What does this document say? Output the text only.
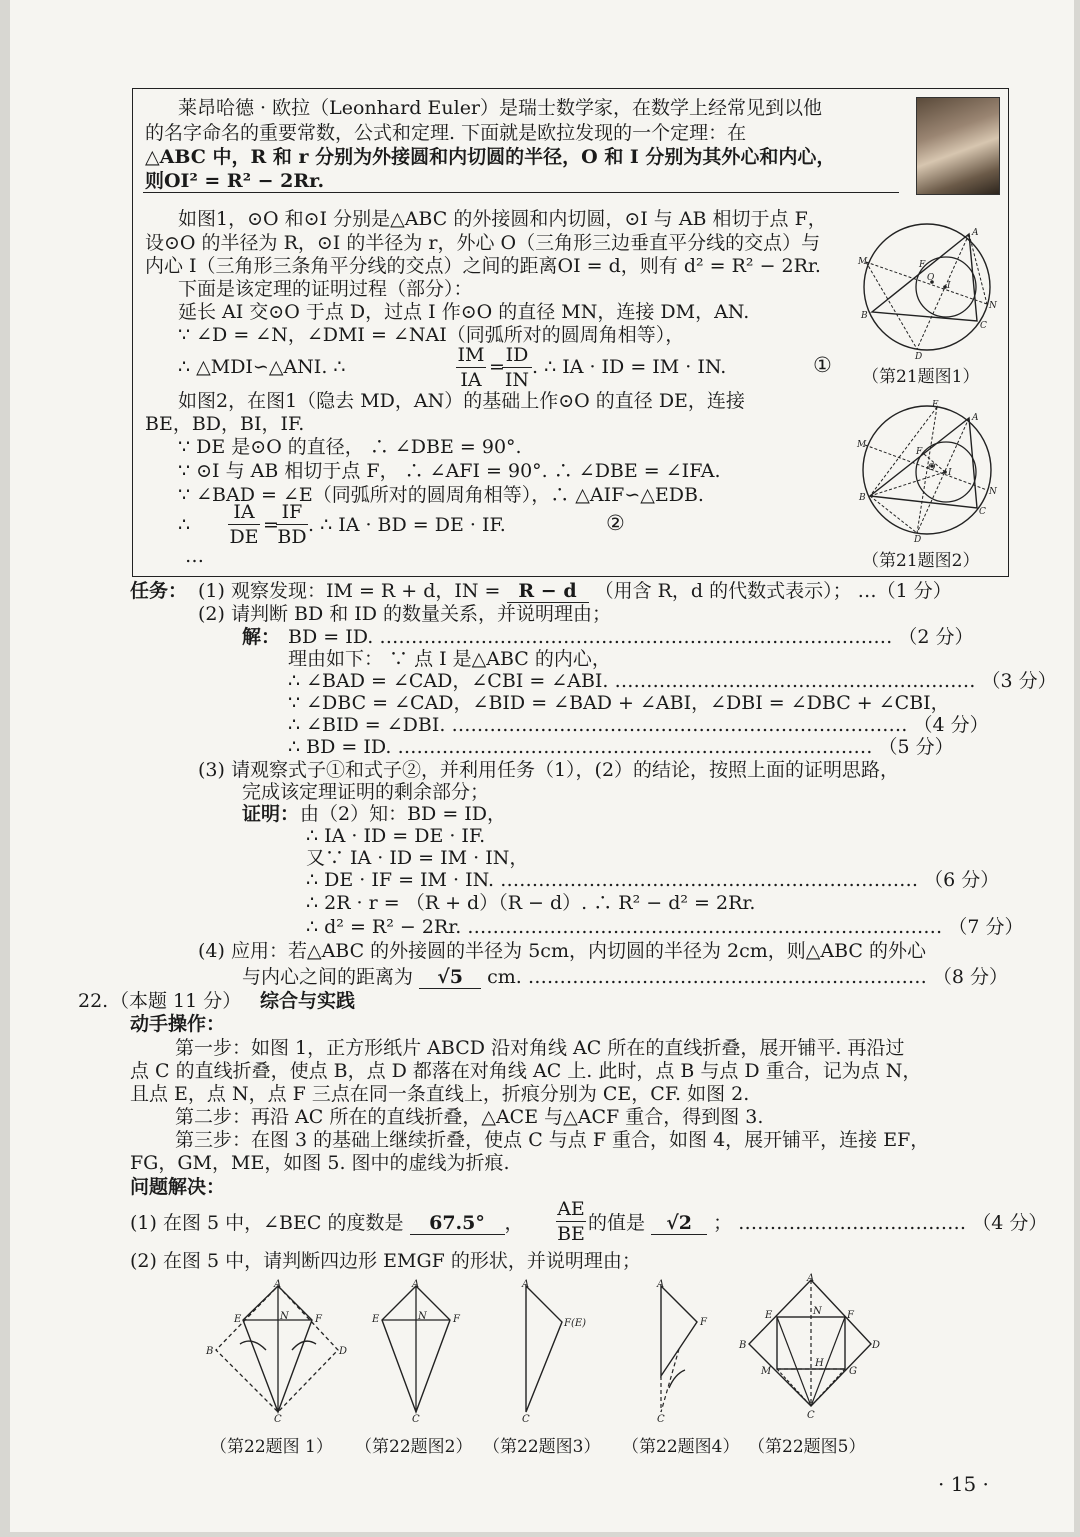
莱昂哈德 · 欧拉（Leonhard Euler）是瑞士数学家，在数学上经常见到以他
的名字命名的重要常数，公式和定理. 下面就是欧拉发现的一个定理：在
△ABC 中，R 和 r 分别为外接圆和内切圆的半径，O 和 I 分别为其外心和内心，
则OI² = R² − 2Rr.
如图1，⊙O 和⊙I 分别是△ABC 的外接圆和内切圆，⊙I 与 AB 相切于点 F，
设⊙O 的半径为 R，⊙I 的半径为 r，外心 O（三角形三边垂直平分线的交点）与
内心 I（三角形三条角平分线的交点）之间的距离OI = d，则有 d² = R² − 2Rr.
下面是该定理的证明过程（部分）：
延长 AI 交⊙O 于点 D，过点 I 作⊙O 的直径 MN，连接 DM，AN.
∵ ∠D = ∠N，∠DMI = ∠NAI（同弧所对的圆周角相等），
∴ △MDI∽△ANI. ∴
IM
IA
=
ID
IN
. ∴ IA · ID = IM · IN.	①
如图2，在图1（隐去 MD，AN）的基础上作⊙O 的直径 DE，连接
BE，BD，BI，IF.
∵ DE 是⊙O 的直径， ∴ ∠DBE = 90°.
∵ ⊙I 与 AB 相切于点 F， ∴ ∠AFI = 90°. ∴ ∠DBE = ∠IFA.
∵ ∠BAD = ∠E（同弧所对的圆周角相等），∴ △AIF∽△EDB.
∴
IA
DE
=
IF
BD
. ∴ IA · BD = DE · IF.	②
…
A
B
C
D
M
N
F
O
I
（第21题图1）
E
A
B
C
D
M
N
F
O I
（第21题图2）
任务： (1) 观察发现：IM = R + d，IN = R − d （用含 R，d 的代数式表示）； …（1 分）
(2) 请判断 BD 和 ID 的数量关系，并说明理由；
解： BD = ID. ……………………………………………………………………… （2 分）
理由如下： ∵ 点 I 是△ABC 的内心，
∴ ∠BAD = ∠CAD，∠CBI = ∠ABI. ………………………………………………… （3 分）
∵ ∠DBC = ∠CAD，∠BID = ∠BAD + ∠ABI，∠DBI = ∠DBC + ∠CBI，
∴ ∠BID = ∠DBI. ……………………………………………………………… （4 分）
∴ BD = ID. ………………………………………………………………… （5 分）
(3) 请观察式子①和式子②，并利用任务（1），(2）的结论，按照上面的证明思路，
完成该定理证明的剩余部分；
证明： 由（2）知：BD = ID，
∴ IA · ID = DE · IF.
又∵ IA · ID = IM · IN，
∴ DE · IF = IM · IN. ………………………………………………………… （6 分）
∴ 2R · r = （R + d）（R − d）. ∴ R² − d² = 2Rr.
∴ d² = R² − 2Rr. ………………………………………………………………… （7 分）
(4) 应用：若△ABC 的外接圆的半径为 5cm，内切圆的半径为 2cm，则△ABC 的外心
与内心之间的距离为 √5 cm. ……………………………………………………… （8 分）
22. （本题 11 分） 综合与实践
动手操作：
第一步：如图 1，正方形纸片 ABCD 沿对角线 AC 所在的直线折叠，展开铺平. 再沿过
点 C 的直线折叠，使点 B，点 D 都落在对角线 AC 上. 此时，点 B 与点 D 重合，记为点 N，
且点 E，点 N，点 F 三点在同一条直线上，折痕分别为 CE，CF. 如图 2.
第二步：再沿 AC 所在的直线折叠，△ACE 与△ACF 重合，得到图 3.
第三步：在图 3 的基础上继续折叠，使点 C 与点 F 重合，如图 4，展开铺平，连接 EF，
FG，GM，ME，如图 5. 图中的虚线为折痕.
问题解决：
(1) 在图 5 中，∠BEC 的度数是 67.5° ，
AE
BE 的值是 √2 ； ……………………………… （4 分）
(2) 在图 5 中，请判断四边形 EMGF 的形状，并说明理由；
A
E	F
N
B	D
C
A
E	F
N
C
A
F(E)
C
A
F
C
A
E	F
N
B	D
H
M	G
C
（第22题图 1） （第22题图2） （第22题图3） （第22题图4） （第22题图5）
· 15 ·
